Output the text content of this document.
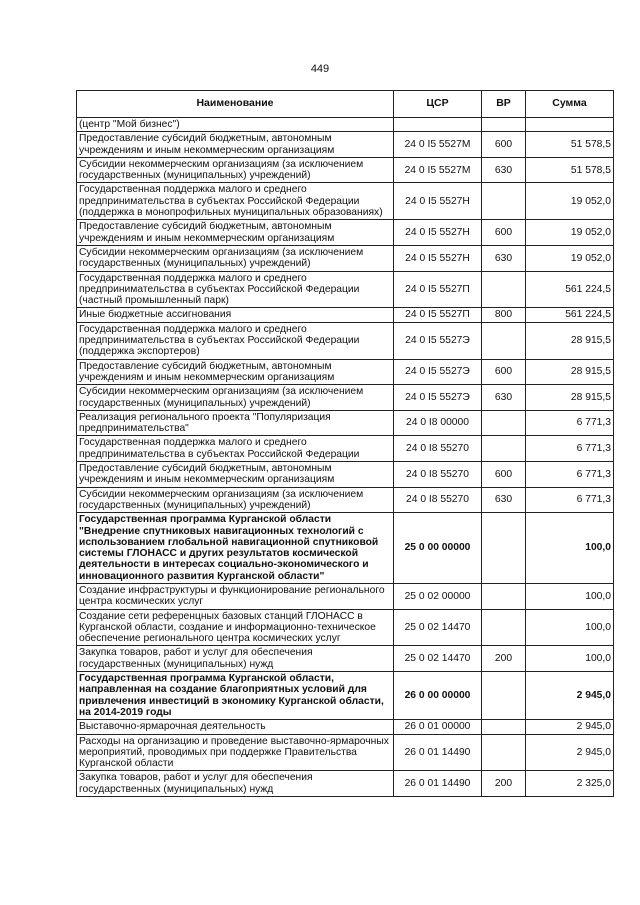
449
Наименование	ЦСР	ВР	Сумма
(центр "Мой бизнес")			
Предоставление субсидий бюджетным, автономным учреждениям и иным некоммерческим организациям	24 0 I5 5527М	600	51 578,5
Субсидии некоммерческим организациям (за исключением государственных (муниципальных) учреждений)	24 0 I5 5527М	630	51 578,5
Государственная поддержка малого и среднего предпринимательства в субъектах Российской Федерации (поддержка в монопрофильных муниципальных образованиях)	24 0 I5 5527Н		19 052,0
Предоставление субсидий бюджетным, автономным учреждениям и иным некоммерческим организациям	24 0 I5 5527Н	600	19 052,0
Субсидии некоммерческим организациям (за исключением государственных (муниципальных) учреждений)	24 0 I5 5527Н	630	19 052,0
Государственная поддержка малого и среднего предпринимательства в субъектах Российской Федерации (частный промышленный парк)	24 0 I5 5527П		561 224,5
Иные бюджетные ассигнования	24 0 I5 5527П	800	561 224,5
Государственная поддержка малого и среднего предпринимательства в субъектах Российской Федерации (поддержка экспортеров)	24 0 I5 5527Э		28 915,5
Предоставление субсидий бюджетным, автономным учреждениям и иным некоммерческим организациям	24 0 I5 5527Э	600	28 915,5
Субсидии некоммерческим организациям (за исключением государственных (муниципальных) учреждений)	24 0 I5 5527Э	630	28 915,5
Реализация регионального проекта "Популяризация предпринимательства"	24 0 I8 00000		6 771,3
Государственная поддержка малого и среднего предпринимательства в субъектах Российской Федерации	24 0 I8 55270		6 771,3
Предоставление субсидий бюджетным, автономным учреждениям и иным некоммерческим организациям	24 0 I8 55270	600	6 771,3
Субсидии некоммерческим организациям (за исключением государственных (муниципальных) учреждений)	24 0 I8 55270	630	6 771,3
Государственная программа Курганской области "Внедрение спутниковых навигационных технологий с использованием глобальной навигационной спутниковой системы ГЛОНАСС и других результатов космической деятельности в интересах социально-экономического и инновационного развития Курганской области"	25 0 00 00000		100,0
Создание инфраструктуры и функционирование регионального центра космических услуг	25 0 02 00000		100,0
Создание сети референцных базовых станций ГЛОНАСС в Курганской области, создание и информационно-техническое обеспечение регионального центра космических услуг	25 0 02 14470		100,0
Закупка товаров, работ и услуг для обеспечения государственных (муниципальных) нужд	25 0 02 14470	200	100,0
Государственная программа Курганской области, направленная на создание благоприятных условий для привлечения инвестиций в экономику Курганской области, на 2014-2019 годы	26 0 00 00000		2 945,0
Выставочно-ярмарочная деятельность	26 0 01 00000		2 945,0
Расходы на организацию и проведение выставочно-ярмарочных мероприятий, проводимых при поддержке Правительства Курганской области	26 0 01 14490		2 945,0
Закупка товаров, работ и услуг для обеспечения государственных (муниципальных) нужд	26 0 01 14490	200	2 325,0
